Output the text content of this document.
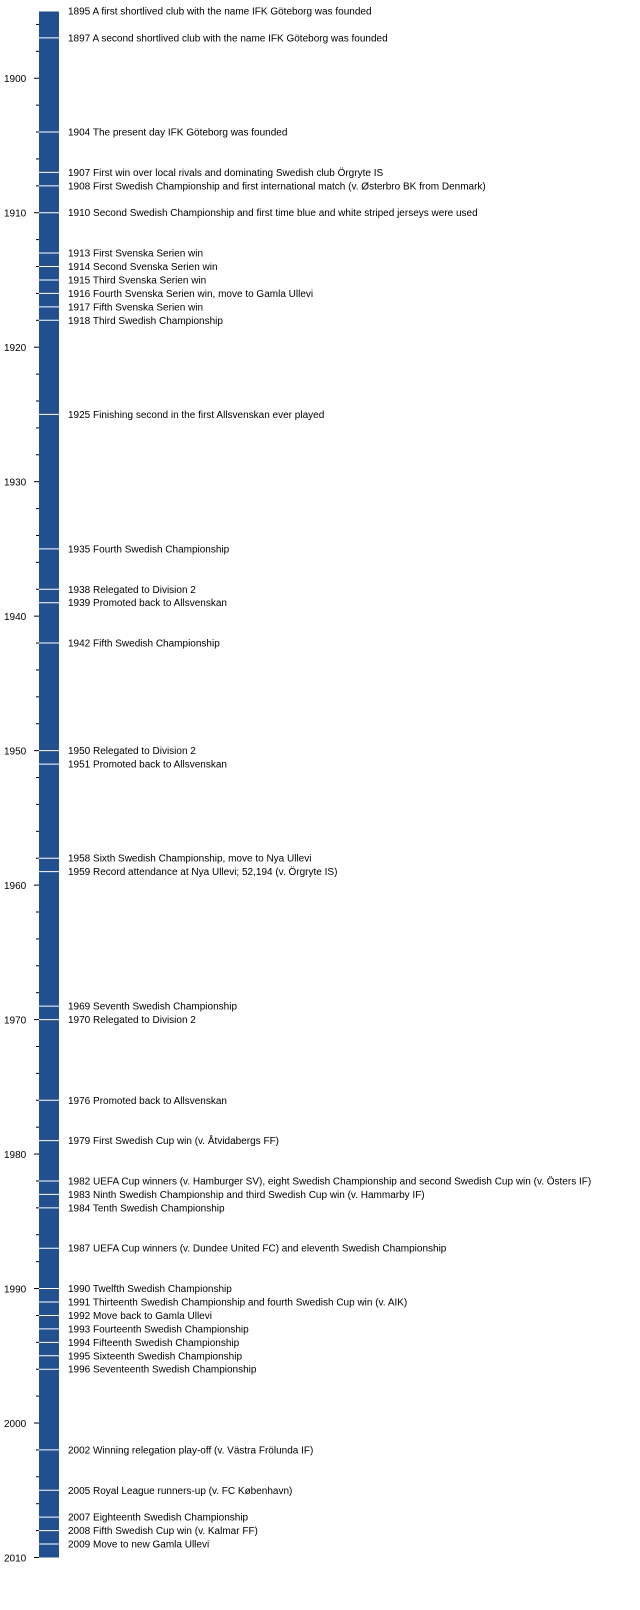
1900
1910
1920
1930
1940
1950
1960
1970
1980
1990
2000
2010
1895 A first shortlived club with the name IFK Göteborg was founded
1897 A second shortlived club with the name IFK Göteborg was founded
1904 The present day IFK Göteborg was founded
1907 First win over local rivals and dominating Swedish club Örgryte IS
1908 First Swedish Championship and first international match (v. Østerbro BK from Denmark)
1910 Second Swedish Championship and first time blue and white striped jerseys were used
1913 First Svenska Serien win
1914 Second Svenska Serien win
1915 Third Svenska Serien win
1916 Fourth Svenska Serien win, move to Gamla Ullevi
1917 Fifth Svenska Serien win
1918 Third Swedish Championship
1925 Finishing second in the first Allsvenskan ever played
1935 Fourth Swedish Championship
1938 Relegated to Division 2
1939 Promoted back to Allsvenskan
1942 Fifth Swedish Championship
1950 Relegated to Division 2
1951 Promoted back to Allsvenskan
1958 Sixth Swedish Championship, move to Nya Ullevi
1959 Record attendance at Nya Ullevi; 52,194 (v. Örgryte IS)
1969 Seventh Swedish Championship
1970 Relegated to Division 2
1976 Promoted back to Allsvenskan
1979 First Swedish Cup win (v. Åtvidabergs FF)
1982 UEFA Cup winners (v. Hamburger SV), eight Swedish Championship and second Swedish Cup win (v. Östers IF)
1983 Ninth Swedish Championship and third Swedish Cup win (v. Hammarby IF)
1984 Tenth Swedish Championship
1987 UEFA Cup winners (v. Dundee United FC) and eleventh Swedish Championship
1990 Twelfth Swedish Championship
1991 Thirteenth Swedish Championship and fourth Swedish Cup win (v. AIK)
1992 Move back to Gamla Ullevi
1993 Fourteenth Swedish Championship
1994 Fifteenth Swedish Championship
1995 Sixteenth Swedish Championship
1996 Seventeenth Swedish Championship
2002 Winning relegation play-off (v. Västra Frölunda IF)
2005 Royal League runners-up (v. FC København)
2007 Eighteenth Swedish Championship
2008 Fifth Swedish Cup win (v. Kalmar FF)
2009 Move to new Gamla Ullevi
